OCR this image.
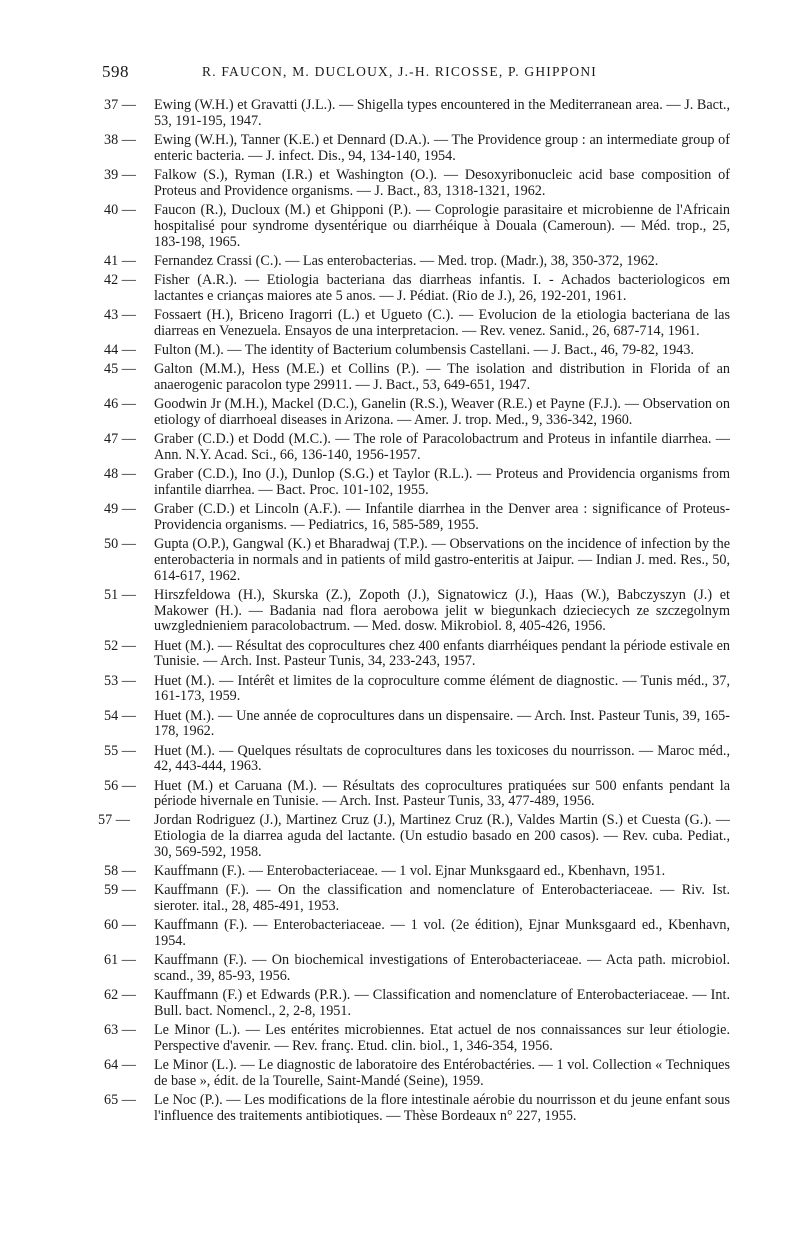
598	R. FAUCON, M. DUCLOUX, J.-H. RICOSSE, P. GHIPPONI
37 —	Ewing (W.H.) et Gravatti (J.L.). — Shigella types encountered in the Mediterranean area. — J. Bact., 53, 191-195, 1947.
38 —	Ewing (W.H.), Tanner (K.E.) et Dennard (D.A.). — The Providence group : an intermediate group of enteric bacteria. — J. infect. Dis., 94, 134-140, 1954.
39 —	Falkow (S.), Ryman (I.R.) et Washington (O.). — Desoxyribonucleic acid base composition of Proteus and Providence organisms. — J. Bact., 83, 1318-1321, 1962.
40 —	Faucon (R.), Ducloux (M.) et Ghipponi (P.). — Coprologie parasitaire et microbienne de l'Africain hospitalisé pour syndrome dysentérique ou diarrhéique à Douala (Cameroun). — Méd. trop., 25, 183-198, 1965.
41 —	Fernandez Crassi (C.). — Las enterobacterias. — Med. trop. (Madr.), 38, 350-372, 1962.
42 —	Fisher (A.R.). — Etiologia bacteriana das diarrheas infantis. I. - Achados bacteriologicos em lactantes e crianças maiores ate 5 anos. — J. Pédiat. (Rio de J.), 26, 192-201, 1961.
43 —	Fossaert (H.), Briceno Iragorri (L.) et Ugueto (C.). — Evolucion de la etiologia bacteriana de las diarreas en Venezuela. Ensayos de una interpretacion. — Rev. venez. Sanid., 26, 687-714, 1961.
44 —	Fulton (M.). — The identity of Bacterium columbensis Castellani. — J. Bact., 46, 79-82, 1943.
45 —	Galton (M.M.), Hess (M.E.) et Collins (P.). — The isolation and distribution in Florida of an anaerogenic paracolon type 29911. — J. Bact., 53, 649-651, 1947.
46 —	Goodwin Jr (M.H.), Mackel (D.C.), Ganelin (R.S.), Weaver (R.E.) et Payne (F.J.). — Observation on etiology of diarrhoeal diseases in Arizona. — Amer. J. trop. Med., 9, 336-342, 1960.
47 —	Graber (C.D.) et Dodd (M.C.). — The role of Paracolobactrum and Proteus in infantile diarrhea. — Ann. N.Y. Acad. Sci., 66, 136-140, 1956-1957.
48 —	Graber (C.D.), Ino (J.), Dunlop (S.G.) et Taylor (R.L.). — Proteus and Providencia organisms from infantile diarrhea. — Bact. Proc. 101-102, 1955.
49 —	Graber (C.D.) et Lincoln (A.F.). — Infantile diarrhea in the Denver area : significance of Proteus-Providencia organisms. — Pediatrics, 16, 585-589, 1955.
50 —	Gupta (O.P.), Gangwal (K.) et Bharadwaj (T.P.). — Observations on the incidence of infection by the enterobacteria in normals and in patients of mild gastro-enteritis at Jaipur. — Indian J. med. Res., 50, 614-617, 1962.
51 —	Hirszfeldowa (H.), Skurska (Z.), Zopoth (J.), Signatowicz (J.), Haas (W.), Babczyszyn (J.) et Makower (H.). — Badania nad flora aerobowa jelit w biegunkach dzieciecych ze szczegolnym uwzglednieniem paracolobactrum. — Med. dosw. Mikrobiol. 8, 405-426, 1956.
52 —	Huet (M.). — Résultat des coprocultures chez 400 enfants diarrhéiques pendant la période estivale en Tunisie. — Arch. Inst. Pasteur Tunis, 34, 233-243, 1957.
53 —	Huet (M.). — Intérêt et limites de la coproculture comme élément de diagnostic. — Tunis méd., 37, 161-173, 1959.
54 —	Huet (M.). — Une année de coprocultures dans un dispensaire. — Arch. Inst. Pasteur Tunis, 39, 165-178, 1962.
55 —	Huet (M.). — Quelques résultats de coprocultures dans les toxicoses du nourrisson. — Maroc méd., 42, 443-444, 1963.
56 —	Huet (M.) et Caruana (M.). — Résultats des coprocultures pratiquées sur 500 enfants pendant la période hivernale en Tunisie. — Arch. Inst. Pasteur Tunis, 33, 477-489, 1956.
57 —	Jordan Rodriguez (J.), Martinez Cruz (J.), Martinez Cruz (R.), Valdes Martin (S.) et Cuesta (G.). — Etiologia de la diarrea aguda del lactante. (Un estudio basado en 200 casos). — Rev. cuba. Pediat., 30, 569-592, 1958.
58 —	Kauffmann (F.). — Enterobacteriaceae. — 1 vol. Ejnar Munksgaard ed., Kbenhavn, 1951.
59 —	Kauffmann (F.). — On the classification and nomenclature of Enterobacteriaceae. — Riv. Ist. sieroter. ital., 28, 485-491, 1953.
60 —	Kauffmann (F.). — Enterobacteriaceae. — 1 vol. (2e édition), Ejnar Munksgaard ed., Kbenhavn, 1954.
61 —	Kauffmann (F.). — On biochemical investigations of Enterobacteriaceae. — Acta path. microbiol. scand., 39, 85-93, 1956.
62 —	Kauffmann (F.) et Edwards (P.R.). — Classification and nomenclature of Enterobacteriaceae. — Int. Bull. bact. Nomencl., 2, 2-8, 1951.
63 —	Le Minor (L.). — Les entérites microbiennes. Etat actuel de nos connaissances sur leur étiologie. Perspective d'avenir. — Rev. franç. Etud. clin. biol., 1, 346-354, 1956.
64 —	Le Minor (L.). — Le diagnostic de laboratoire des Entérobactéries. — 1 vol. Collection « Techniques de base », édit. de la Tourelle, Saint-Mandé (Seine), 1959.
65 —	Le Noc (P.). — Les modifications de la flore intestinale aérobie du nourrisson et du jeune enfant sous l'influence des traitements antibiotiques. — Thèse Bordeaux n° 227, 1955.
